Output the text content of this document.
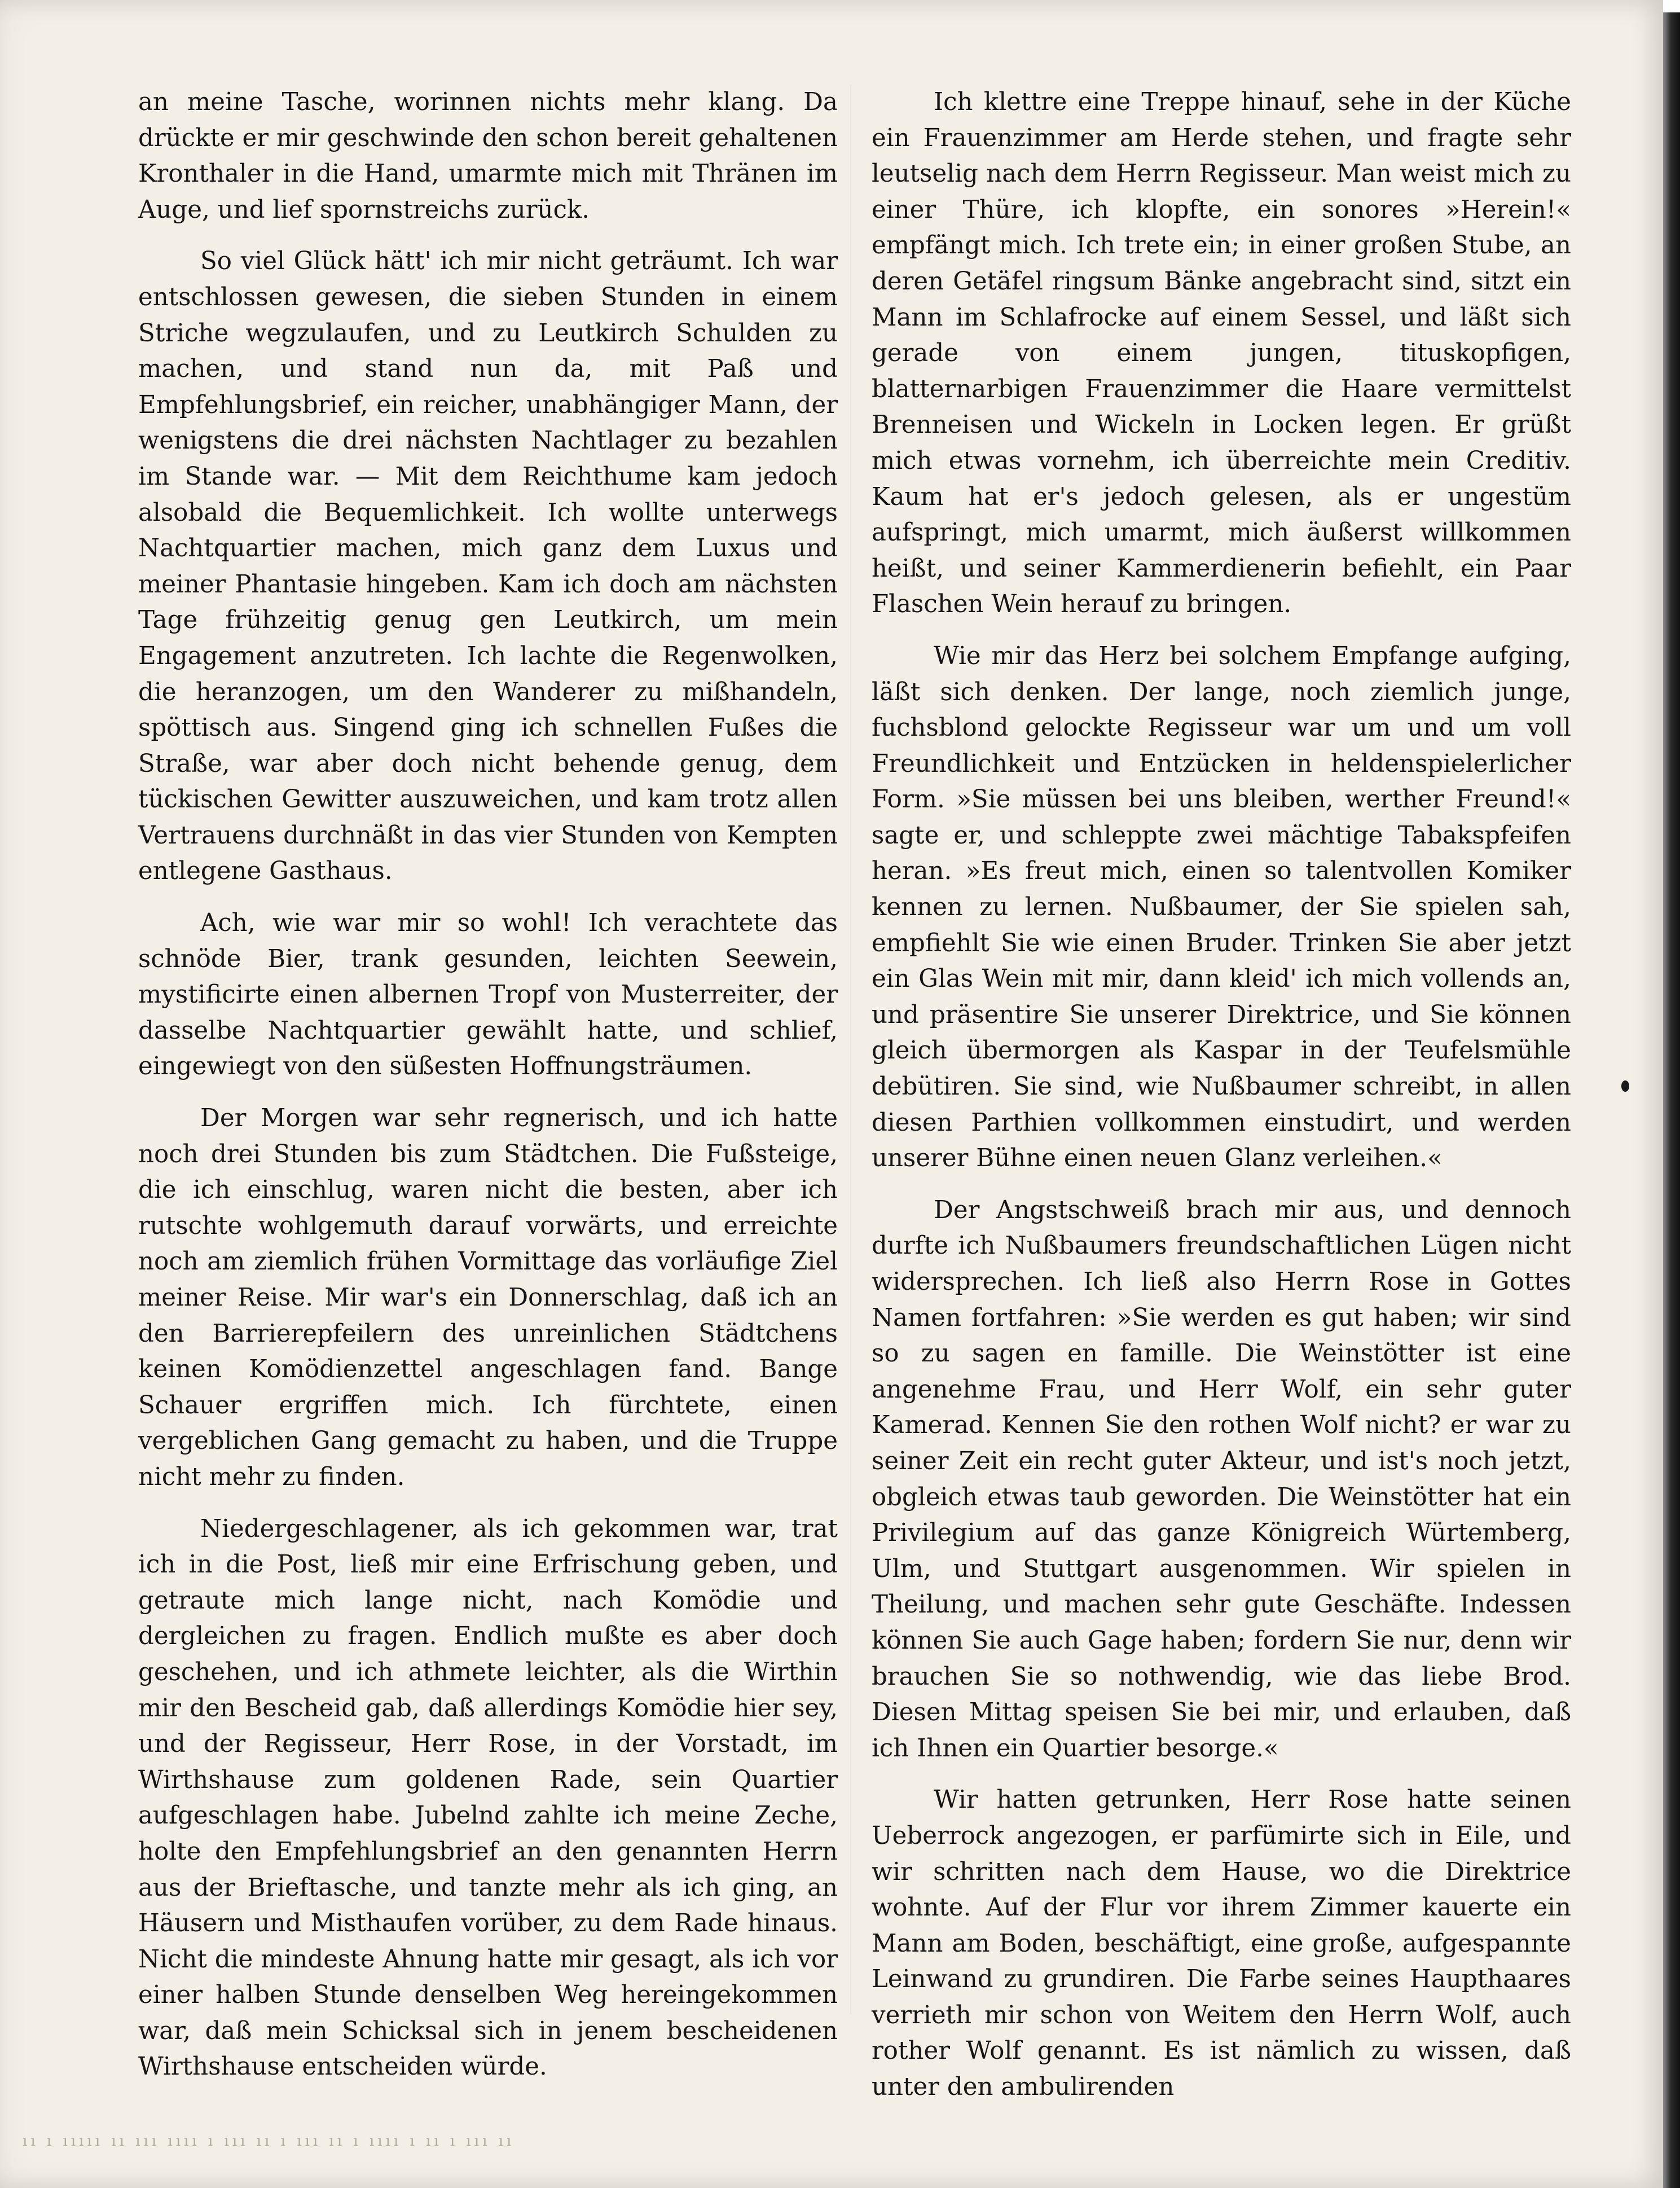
an meine Tasche, worinnen nichts mehr klang. Da drückte er mir geschwinde den schon bereit gehaltenen Kronthaler in die Hand, umarmte mich mit Thränen im Auge, und lief spornstreichs zurück.

So viel Glück hätt' ich mir nicht geträumt. Ich war entschlossen gewesen, die sieben Stunden in einem Striche wegzulaufen, und zu Leutkirch Schulden zu machen, und stand nun da, mit Paß und Empfehlungsbrief, ein reicher, unabhängiger Mann, der wenigstens die drei nächsten Nachtlager zu bezahlen im Stande war. — Mit dem Reichthume kam jedoch alsobald die Bequemlichkeit. Ich wollte unterwegs Nachtquartier machen, mich ganz dem Luxus und meiner Phantasie hingeben. Kam ich doch am nächsten Tage frühzeitig genug gen Leutkirch, um mein Engagement anzutreten. Ich lachte die Regenwolken, die heranzogen, um den Wanderer zu mißhandeln, spöttisch aus. Singend ging ich schnellen Fußes die Straße, war aber doch nicht behende genug, dem tückischen Gewitter auszuweichen, und kam trotz allen Vertrauens durchnäßt in das vier Stunden von Kempten entlegene Gasthaus.

Ach, wie war mir so wohl! Ich verachtete das schnöde Bier, trank gesunden, leichten Seewein, mystificirte einen albernen Tropf von Musterreiter, der dasselbe Nachtquartier gewählt hatte, und schlief, eingewiegt von den süßesten Hoffnungsträumen.

Der Morgen war sehr regnerisch, und ich hatte noch drei Stunden bis zum Städtchen. Die Fußsteige, die ich einschlug, waren nicht die besten, aber ich rutschte wohlgemuth darauf vorwärts, und erreichte noch am ziemlich frühen Vormittage das vorläufige Ziel meiner Reise. Mir war's ein Donnerschlag, daß ich an den Barrierepfeilern des unreinlichen Städtchens keinen Komödienzettel angeschlagen fand. Bange Schauer ergriffen mich. Ich fürchtete, einen vergeblichen Gang gemacht zu haben, und die Truppe nicht mehr zu finden.

Niedergeschlagener, als ich gekommen war, trat ich in die Post, ließ mir eine Erfrischung geben, und getraute mich lange nicht, nach Komödie und dergleichen zu fragen. Endlich mußte es aber doch geschehen, und ich athmete leichter, als die Wirthin mir den Bescheid gab, daß allerdings Komödie hier sey, und der Regisseur, Herr Rose, in der Vorstadt, im Wirthshause zum goldenen Rade, sein Quartier aufgeschlagen habe. Jubelnd zahlte ich meine Zeche, holte den Empfehlungsbrief an den genannten Herrn aus der Brieftasche, und tanzte mehr als ich ging, an Häusern und Misthaufen vorüber, zu dem Rade hinaus. Nicht die mindeste Ahnung hatte mir gesagt, als ich vor einer halben Stunde denselben Weg hereingekommen war, daß mein Schicksal sich in jenem bescheidenen Wirthshause entscheiden würde.

Ich klettre eine Treppe hinauf, sehe in der Küche ein Frauenzimmer am Herde stehen, und fragte sehr leutselig nach dem Herrn Regisseur. Man weist mich zu einer Thüre, ich klopfte, ein sonores »Herein!« empfängt mich. Ich trete ein; in einer großen Stube, an deren Getäfel ringsum Bänke angebracht sind, sitzt ein Mann im Schlafrocke auf einem Sessel, und läßt sich gerade von einem jungen, tituskopfigen, blatternarbigen Frauenzimmer die Haare vermittelst Brenneisen und Wickeln in Locken legen. Er grüßt mich etwas vornehm, ich überreichte mein Creditiv. Kaum hat er's jedoch gelesen, als er ungestüm aufspringt, mich umarmt, mich äußerst willkommen heißt, und seiner Kammerdienerin befiehlt, ein Paar Flaschen Wein herauf zu bringen.

Wie mir das Herz bei solchem Empfange aufging, läßt sich denken. Der lange, noch ziemlich junge, fuchsblond gelockte Regisseur war um und um voll Freundlichkeit und Entzücken in heldenspielerlicher Form. »Sie müssen bei uns bleiben, werther Freund!« sagte er, und schleppte zwei mächtige Tabakspfeifen heran. »Es freut mich, einen so talentvollen Komiker kennen zu lernen. Nußbaumer, der Sie spielen sah, empfiehlt Sie wie einen Bruder. Trinken Sie aber jetzt ein Glas Wein mit mir, dann kleid' ich mich vollends an, und präsentire Sie unserer Direktrice, und Sie können gleich übermorgen als Kaspar in der Teufelsmühle debütiren. Sie sind, wie Nußbaumer schreibt, in allen diesen Parthien vollkommen einstudirt, und werden unserer Bühne einen neuen Glanz verleihen.«

Der Angstschweiß brach mir aus, und dennoch durfte ich Nußbaumers freundschaftlichen Lügen nicht widersprechen. Ich ließ also Herrn Rose in Gottes Namen fortfahren: »Sie werden es gut haben; wir sind so zu sagen en famille. Die Weinstötter ist eine angenehme Frau, und Herr Wolf, ein sehr guter Kamerad. Kennen Sie den rothen Wolf nicht? er war zu seiner Zeit ein recht guter Akteur, und ist's noch jetzt, obgleich etwas taub geworden. Die Weinstötter hat ein Privilegium auf das ganze Königreich Würtemberg, Ulm, und Stuttgart ausgenommen. Wir spielen in Theilung, und machen sehr gute Geschäfte. Indessen können Sie auch Gage haben; fordern Sie nur, denn wir brauchen Sie so nothwendig, wie das liebe Brod. Diesen Mittag speisen Sie bei mir, und erlauben, daß ich Ihnen ein Quartier besorge.«

Wir hatten getrunken, Herr Rose hatte seinen Ueberrock angezogen, er parfümirte sich in Eile, und wir schritten nach dem Hause, wo die Direktrice wohnte. Auf der Flur vor ihrem Zimmer kauerte ein Mann am Boden, beschäftigt, eine große, aufgespannte Leinwand zu grundiren. Die Farbe seines Haupthaares verrieth mir schon von Weitem den Herrn Wolf, auch rother Wolf genannt. Es ist nämlich zu wissen, daß unter den ambulirenden

ıı ı ııııı ıı ııı ıııı ı ııı ıı ı ııı ıı ı ıııı ı ıı ı ııı ıı
